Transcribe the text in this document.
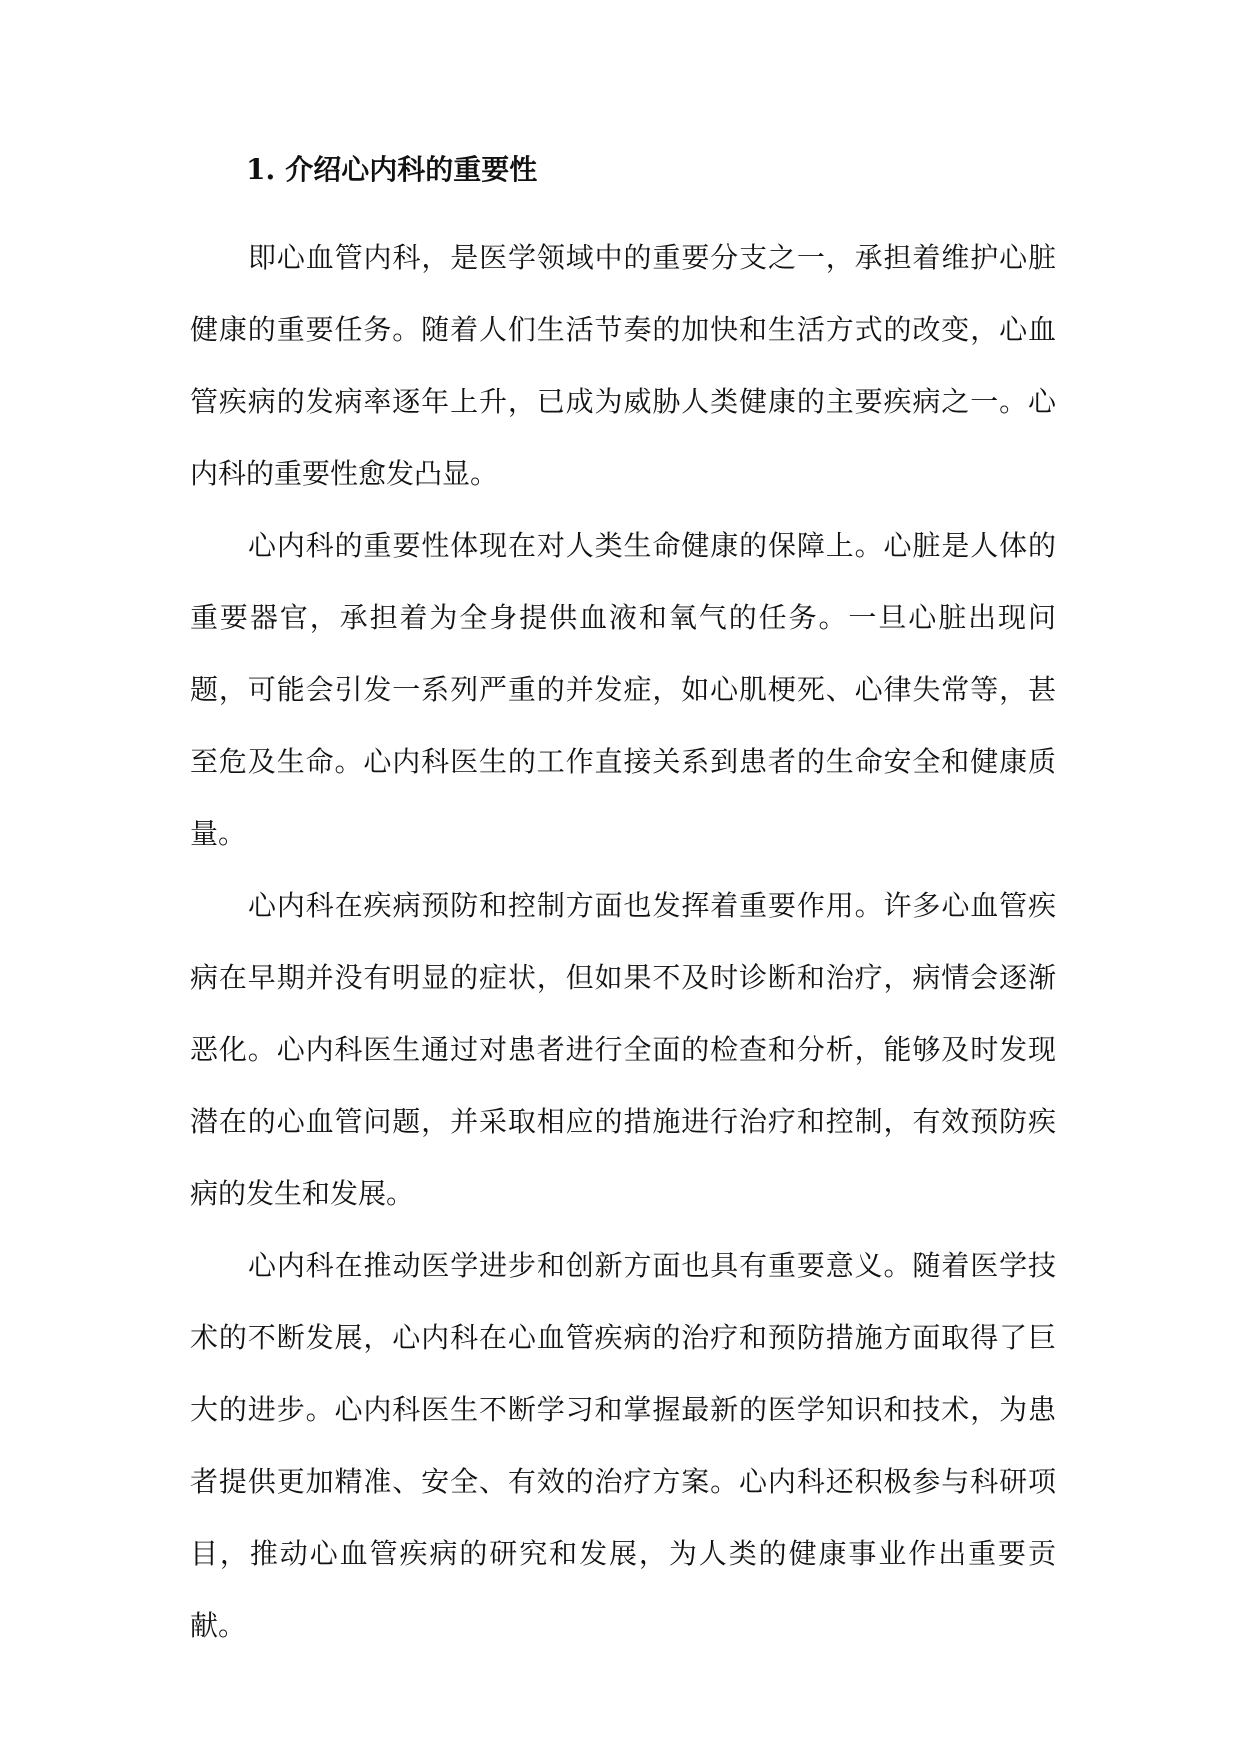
1. 介绍心内科的重要性

即心血管内科，是医学领域中的重要分支之一，承担着维护心脏健康的重要任务。随着人们生活节奏的加快和生活方式的改变，心血管疾病的发病率逐年上升，已成为威胁人类健康的主要疾病之一。心内科的重要性愈发凸显。

心内科的重要性体现在对人类生命健康的保障上。心脏是人体的重要器官，承担着为全身提供血液和氧气的任务。一旦心脏出现问题，可能会引发一系列严重的并发症，如心肌梗死、心律失常等，甚至危及生命。心内科医生的工作直接关系到患者的生命安全和健康质量。

心内科在疾病预防和控制方面也发挥着重要作用。许多心血管疾病在早期并没有明显的症状，但如果不及时诊断和治疗，病情会逐渐恶化。心内科医生通过对患者进行全面的检查和分析，能够及时发现潜在的心血管问题，并采取相应的措施进行治疗和控制，有效预防疾病的发生和发展。

心内科在推动医学进步和创新方面也具有重要意义。随着医学技术的不断发展，心内科在心血管疾病的治疗和预防措施方面取得了巨大的进步。心内科医生不断学习和掌握最新的医学知识和技术，为患者提供更加精准、安全、有效的治疗方案。心内科还积极参与科研项目，推动心血管疾病的研究和发展，为人类的健康事业作出重要贡献。
